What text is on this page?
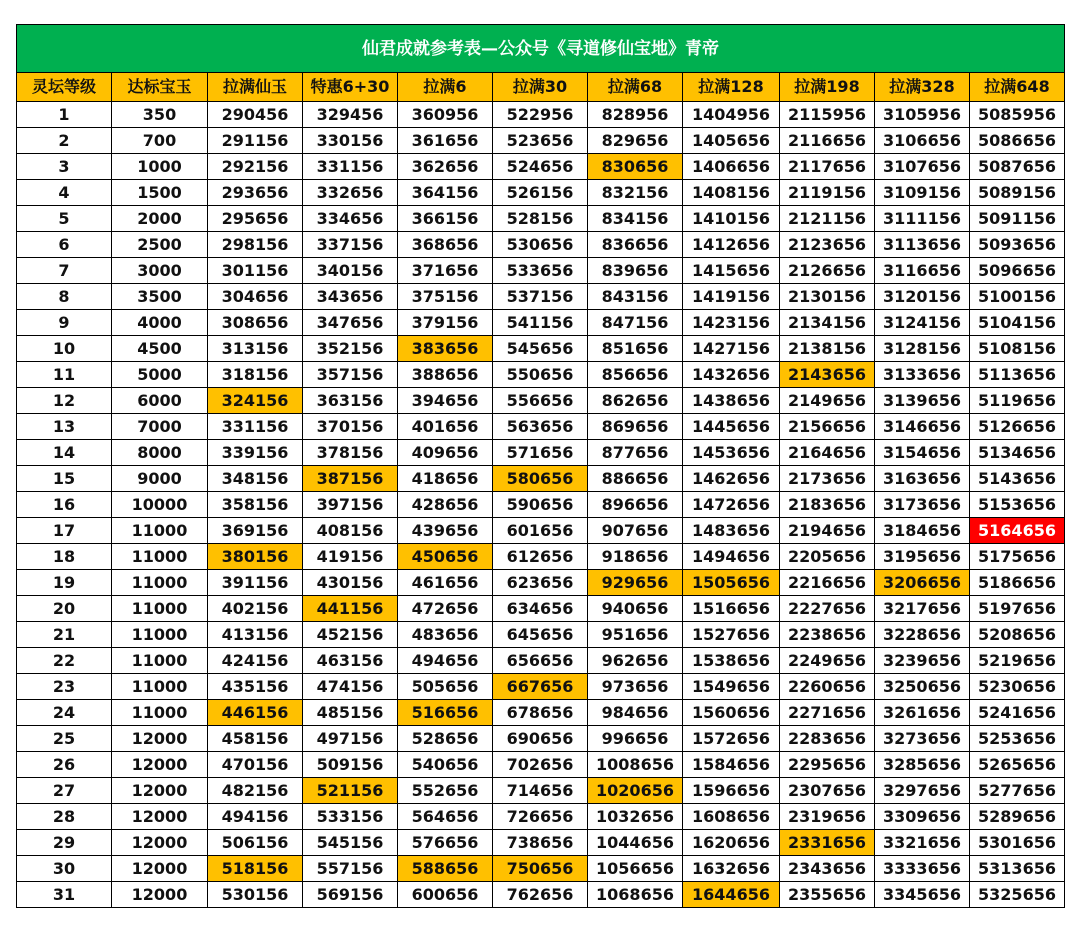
仙君成就参考表—公众号《寻道修仙宝地》青帝										
灵坛等级	达标宝玉	拉满仙玉	特惠6+30	拉满6	拉满30	拉满68	拉满128	拉满198	拉满328	拉满648
1	350	290456	329456	360956	522956	828956	1404956	2115956	3105956	5085956
2	700	291156	330156	361656	523656	829656	1405656	2116656	3106656	5086656
3	1000	292156	331156	362656	524656	830656	1406656	2117656	3107656	5087656
4	1500	293656	332656	364156	526156	832156	1408156	2119156	3109156	5089156
5	2000	295656	334656	366156	528156	834156	1410156	2121156	3111156	5091156
6	2500	298156	337156	368656	530656	836656	1412656	2123656	3113656	5093656
7	3000	301156	340156	371656	533656	839656	1415656	2126656	3116656	5096656
8	3500	304656	343656	375156	537156	843156	1419156	2130156	3120156	5100156
9	4000	308656	347656	379156	541156	847156	1423156	2134156	3124156	5104156
10	4500	313156	352156	383656	545656	851656	1427156	2138156	3128156	5108156
11	5000	318156	357156	388656	550656	856656	1432656	2143656	3133656	5113656
12	6000	324156	363156	394656	556656	862656	1438656	2149656	3139656	5119656
13	7000	331156	370156	401656	563656	869656	1445656	2156656	3146656	5126656
14	8000	339156	378156	409656	571656	877656	1453656	2164656	3154656	5134656
15	9000	348156	387156	418656	580656	886656	1462656	2173656	3163656	5143656
16	10000	358156	397156	428656	590656	896656	1472656	2183656	3173656	5153656
17	11000	369156	408156	439656	601656	907656	1483656	2194656	3184656	5164656
18	11000	380156	419156	450656	612656	918656	1494656	2205656	3195656	5175656
19	11000	391156	430156	461656	623656	929656	1505656	2216656	3206656	5186656
20	11000	402156	441156	472656	634656	940656	1516656	2227656	3217656	5197656
21	11000	413156	452156	483656	645656	951656	1527656	2238656	3228656	5208656
22	11000	424156	463156	494656	656656	962656	1538656	2249656	3239656	5219656
23	11000	435156	474156	505656	667656	973656	1549656	2260656	3250656	5230656
24	11000	446156	485156	516656	678656	984656	1560656	2271656	3261656	5241656
25	12000	458156	497156	528656	690656	996656	1572656	2283656	3273656	5253656
26	12000	470156	509156	540656	702656	1008656	1584656	2295656	3285656	5265656
27	12000	482156	521156	552656	714656	1020656	1596656	2307656	3297656	5277656
28	12000	494156	533156	564656	726656	1032656	1608656	2319656	3309656	5289656
29	12000	506156	545156	576656	738656	1044656	1620656	2331656	3321656	5301656
30	12000	518156	557156	588656	750656	1056656	1632656	2343656	3333656	5313656
31	12000	530156	569156	600656	762656	1068656	1644656	2355656	3345656	5325656
